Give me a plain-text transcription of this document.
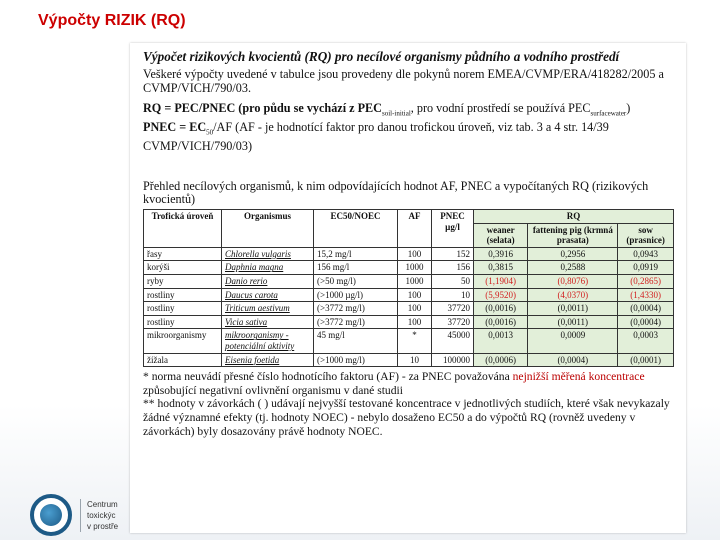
Výpočty RIZIK (RQ)
Výpočet rizikových kvocientů (RQ) pro necílové organismy půdního a vodního prostředí
Veškeré výpočty uvedené v tabulce jsou provedeny dle pokynů norem EMEA/CVMP/ERA/418282/2005 a CVMP/VICH/790/03.
RQ = PEC/PNEC (pro půdu se vychází z $PEC_{soil-initial}$, pro vodní prostředí se používá $PEC_{surfacewater}$)
PNEC = $EC_{50}/AF$ (AF - je hodnotící faktor pro danou trofickou úroveň, viz tab. 3 a 4 str. 14/39 CVMP/VICH/790/03)
Přehled necílových organismů, k nim odpovídajících hodnot AF, PNEC a vypočítaných RQ (rizikových kvocientů)
Trofická úroveň	Organismus	EC50/NOEC	AF	PNEC µg/l	RQ		
					weaner (selata)	fattening pig (krmná prasata)	sow (prasnice)
řasy	Chlorella vulgaris	15,2 mg/l	100	152	0,3916	0,2956	0,0943
korýši	Daphnia magna	156 mg/l	1000	156	0,3815	0,2588	0,0919
ryby	Danio rerio	(>50 mg/l)	1000	50	(1,1904)	(0,8076)	(0,2865)
rostliny	Daucus carota	(>1000 µg/l)	100	10	(5,9520)	(4,0370)	(1,4330)
rostliny	Triticum aestivum	(>3772 mg/l)	100	37720	(0,0016)	(0,0011)	(0,0004)
rostliny	Vicia sativa	(>3772 mg/l)	100	37720	(0,0016)	(0,0011)	(0,0004)
mikroorganismy	mikroorganismy - potenciální aktivity	45 mg/l	*	45000	0,0013	0,0009	0,0003
žížala	Eisenia foetida	(>1000 mg/l)	10	100000	(0,0006)	(0,0004)	(0,0001)
* norma neuvádí přesné číslo hodnotícího faktoru (AF) - za PNEC považována nejnižší měřená koncentrace způsobující negativní ovlivnění organismu v dané studii
** hodnoty v závorkách ( ) udávají nejvyšší testované koncentrace v jednotlivých studiích, které však nevykazaly žádné významné efekty (tj. hodnoty NOEC) - nebylo dosaženo EC50 a do výpočtů RQ (rovněž uvedeny v závorkách) byly dosazovány právě hodnoty NOEC.
Centrum
toxickýc
v prostře
